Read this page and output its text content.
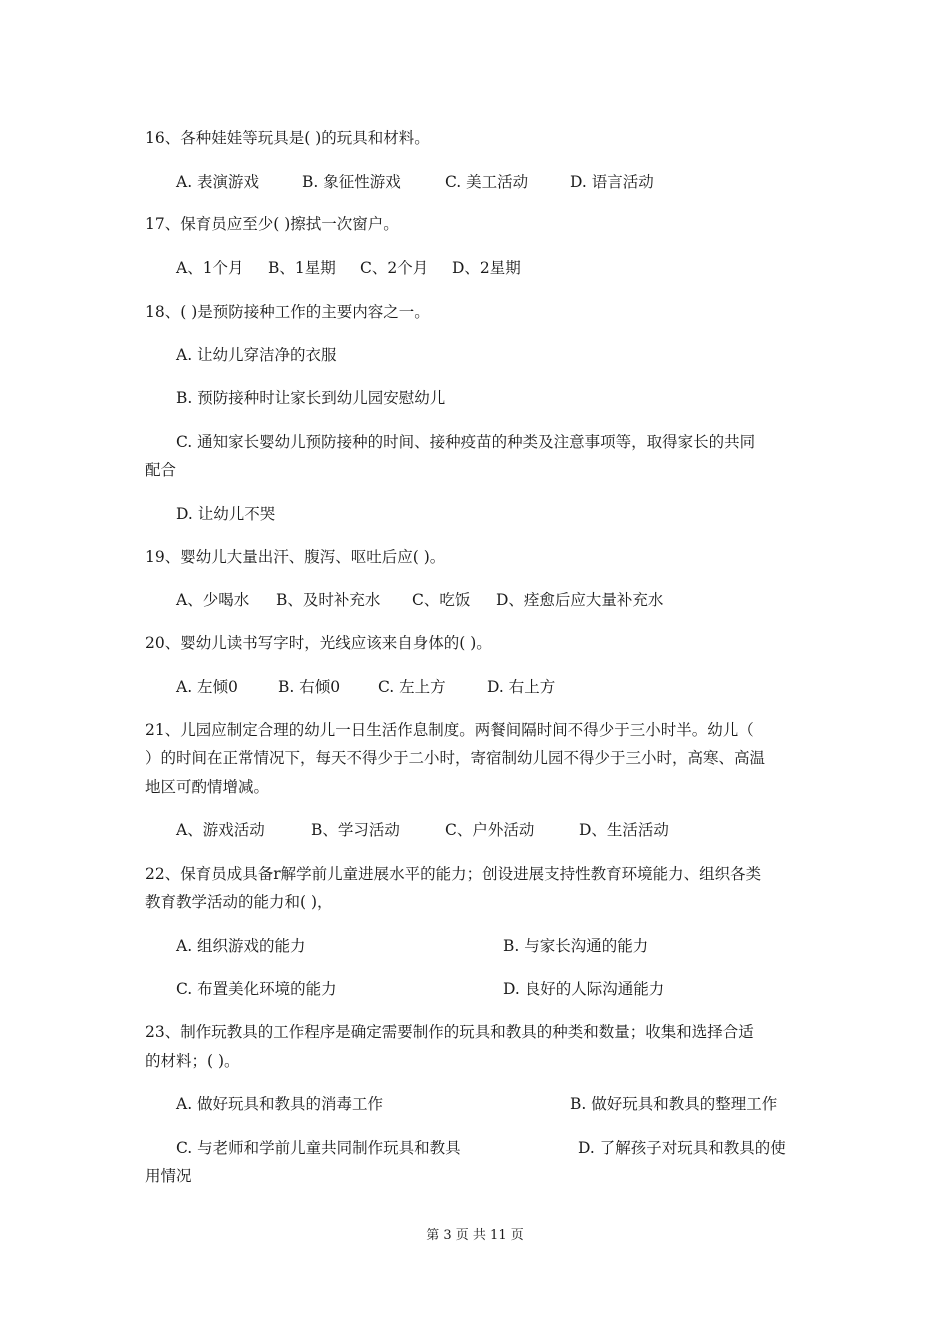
16、各种娃娃等玩具是( )的玩具和材料。
A. 表演游戏	B. 象征性游戏	C. 美工活动	D. 语言活动
17、保育员应至少( )擦拭一次窗户。
A、1个月 B、1星期 C、2个月 D、2星期
18、( )是预防接种工作的主要内容之一。
A. 让幼儿穿洁净的衣服
B. 预防接种时让家长到幼儿园安慰幼儿
C. 通知家长婴幼儿预防接种的时间、接种疫苗的种类及注意事项等，取得家长的共同
配合
D. 让幼儿不哭
19、婴幼儿大量出汗、腹泻、呕吐后应( )。
A、少喝水 B、及时补充水 C、吃饭 D、痊愈后应大量补充水
20、婴幼儿读书写字时，光线应该来自身体的( )。
A. 左倾0	B. 右倾0 C. 左上方	D. 右上方
21、儿园应制定合理的幼儿一日生活作息制度。两餐间隔时间不得少于三小时半。幼儿（
）的时间在正常情况下，每天不得少于二小时，寄宿制幼儿园不得少于三小时，高寒、高温
地区可酌情增减。
A、游戏活动	B、学习活动	C、户外活动	D、生活活动
22、保育员成具备r解学前儿童进展水平的能力；创设进展支持性教育环境能力、组织各类
教育教学活动的能力和( )，
A. 组织游戏的能力	B. 与家长沟通的能力
C. 布置美化环境的能力	D. 良好的人际沟通能力
23、制作玩教具的工作程序是确定需要制作的玩具和教具的种类和数量；收集和选择合适
的材料；( )。
A. 做好玩具和教具的消毒工作	B. 做好玩具和教具的整理工作
C. 与老师和学前儿童共同制作玩具和教具	D. 了解孩子对玩具和教具的使
用情况
第 3 页 共 11 页
